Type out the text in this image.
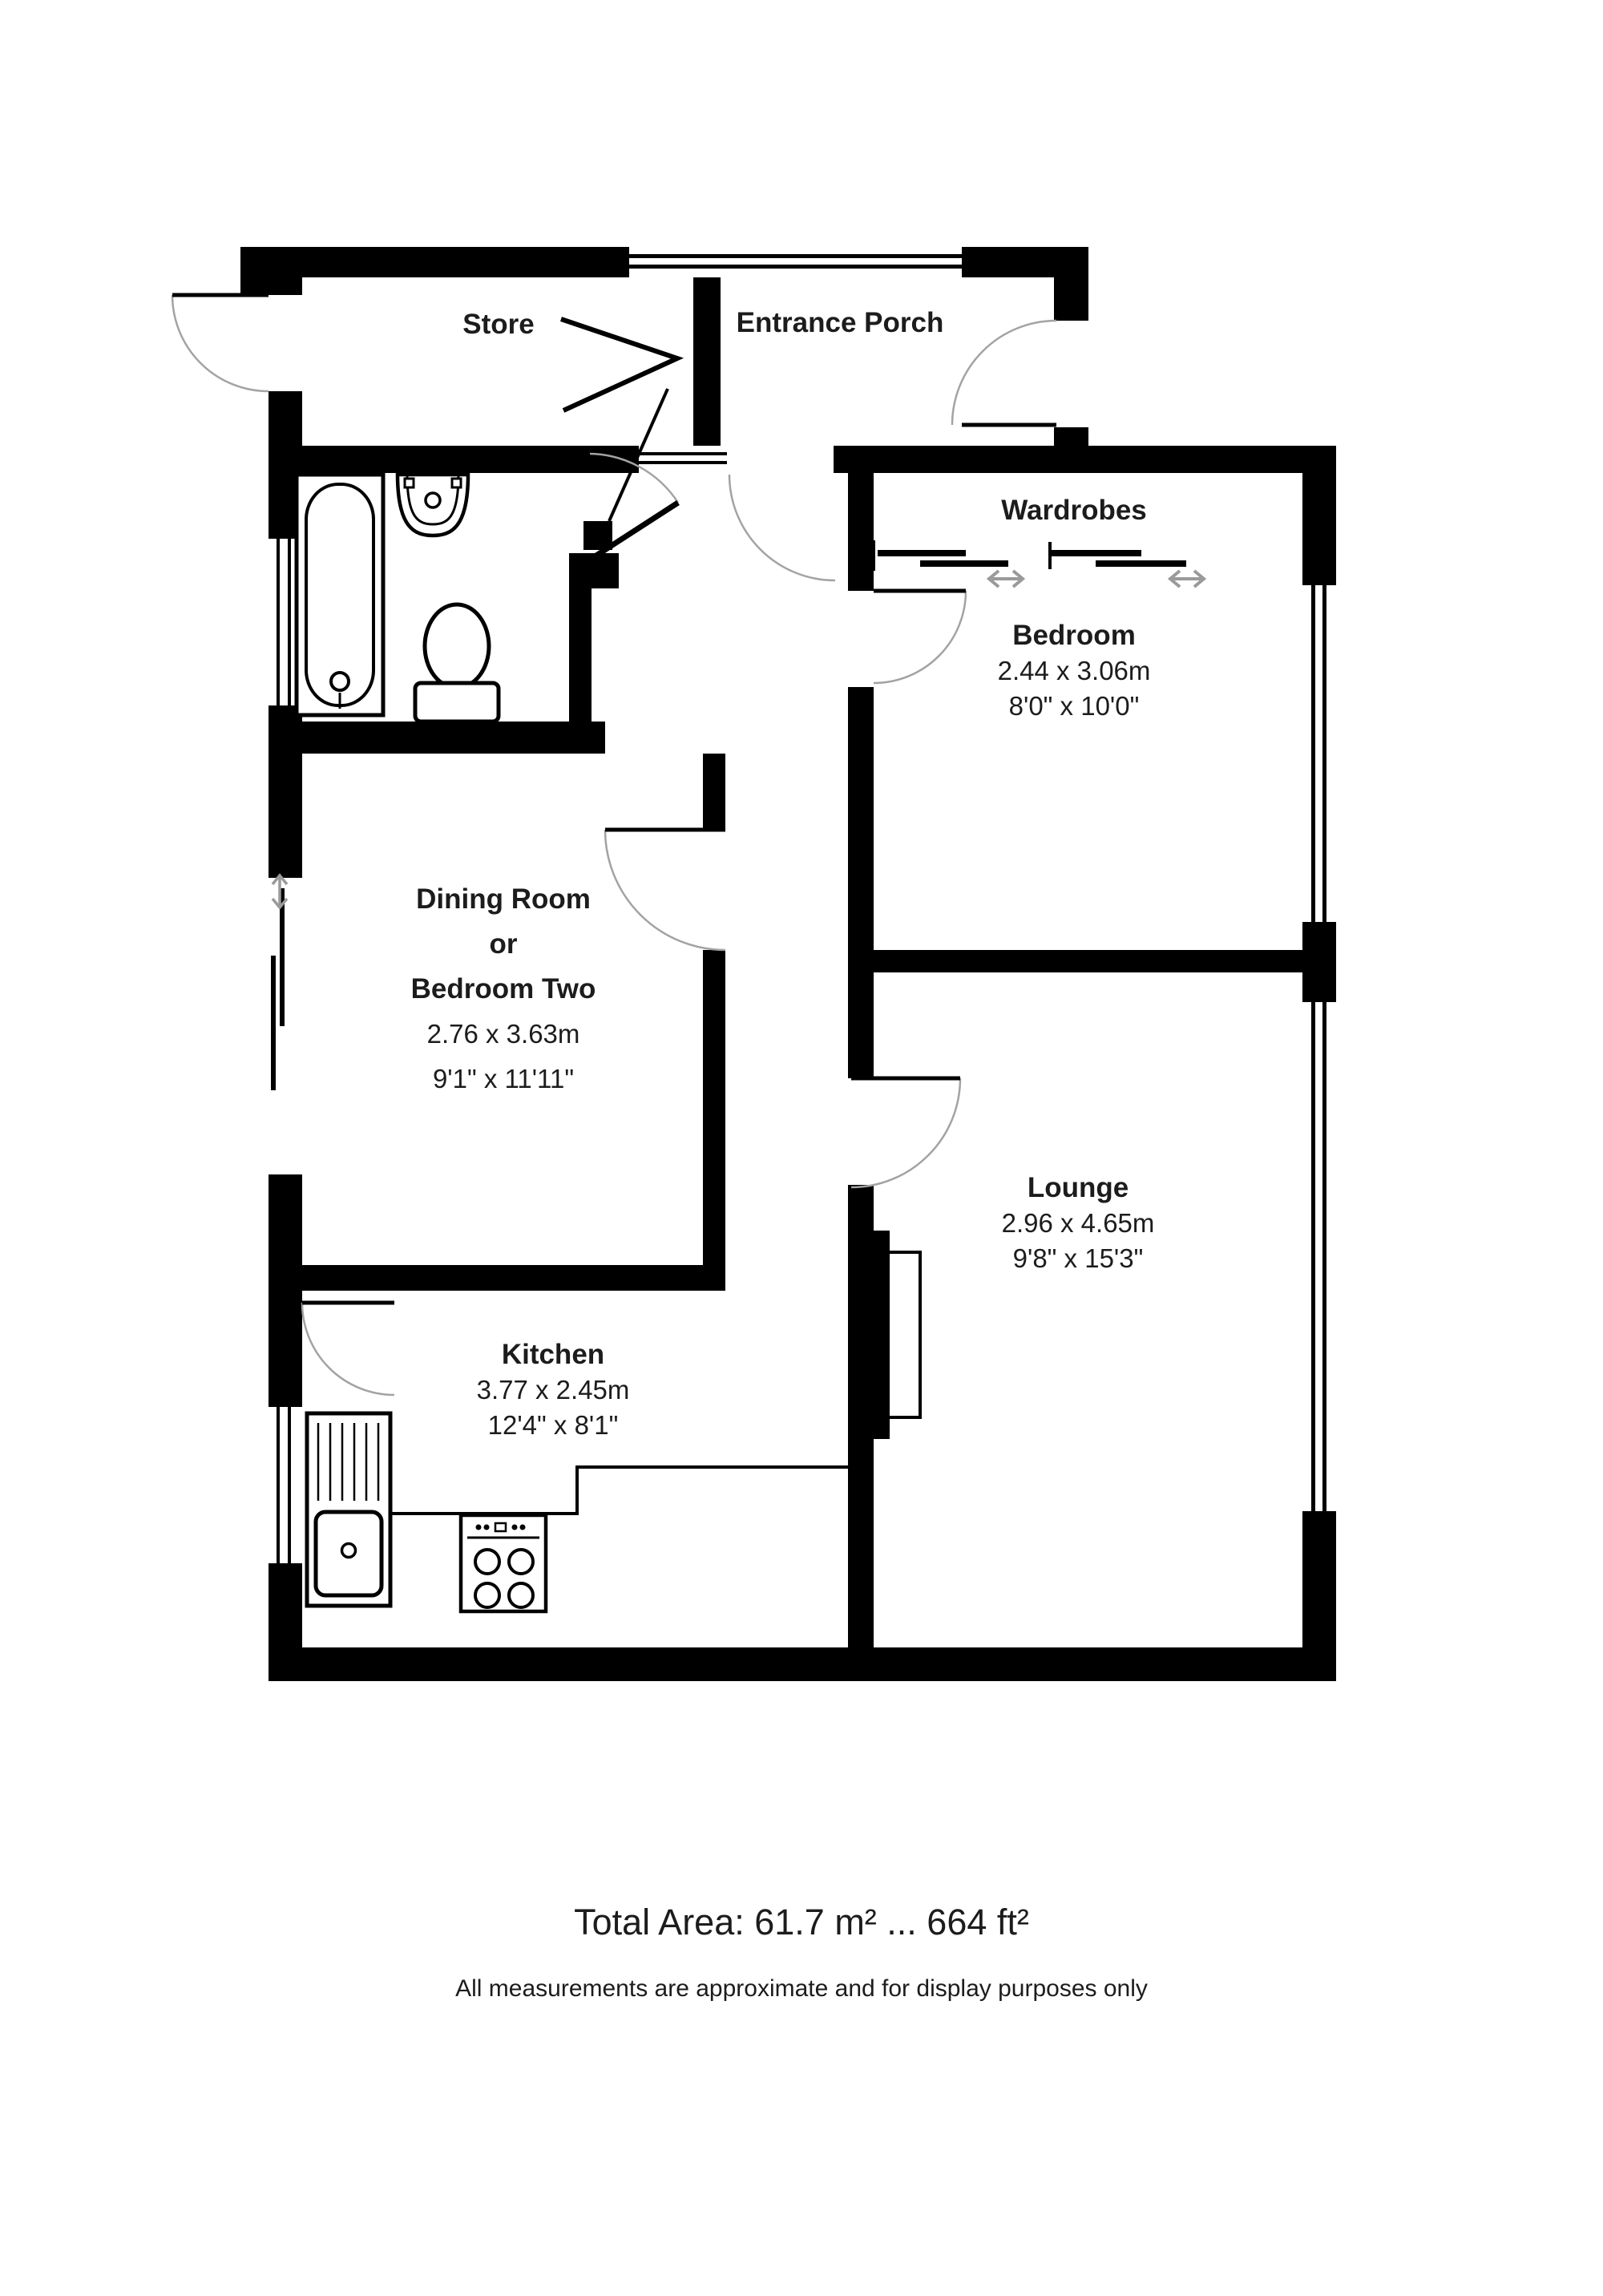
Store	Entrance Porch
Wardrobes
Bedroom
2.44 x 3.06m
8'0" x 10'0"
Dining Room
or
Bedroom Two
2.76 x 3.63m
9'1" x 11'11"
Lounge
2.96 x 4.65m
9'8" x 15'3"
Kitchen
3.77 x 2.45m
12'4" x 8'1"
Total Area: 61.7 m² ... 664 ft²
All measurements are approximate and for display purposes only
